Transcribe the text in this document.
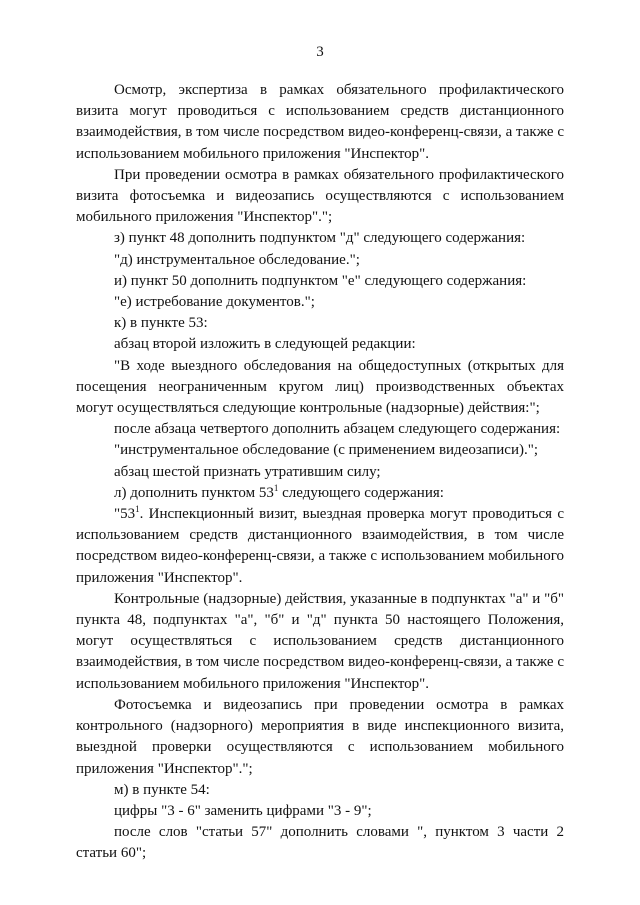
3

Осмотр, экспертиза в рамках обязательного профилактического визита могут проводиться с использованием средств дистанционного взаимодействия, в том числе посредством видео-конференц-связи, а также с использованием мобильного приложения "Инспектор".

При проведении осмотра в рамках обязательного профилактического визита фотосъемка и видеозапись осуществляются с использованием мобильного приложения "Инспектор".";

з) пункт 48 дополнить подпунктом "д" следующего содержания:

"д) инструментальное обследование.";

и) пункт 50 дополнить подпунктом "е" следующего содержания:

"е) истребование документов.";

к) в пункте 53:

абзац второй изложить в следующей редакции:

"В ходе выездного обследования на общедоступных (открытых для посещения неограниченным кругом лиц) производственных объектах могут осуществляться следующие контрольные (надзорные) действия:";

после абзаца четвертого дополнить абзацем следующего содержания:

"инструментальное обследование (с применением видеозаписи).";

абзац шестой признать утратившим силу;

л) дополнить пунктом $53^1$ следующего содержания:

"$53^1$. Инспекционный визит, выездная проверка могут проводиться с использованием средств дистанционного взаимодействия, в том числе посредством видео-конференц-связи, а также с использованием мобильного приложения "Инспектор".

Контрольные (надзорные) действия, указанные в подпунктах "а" и "б" пункта 48, подпунктах "а", "б" и "д" пункта 50 настоящего Положения, могут осуществляться с использованием средств дистанционного взаимодействия, в том числе посредством видео-конференц-связи, а также с использованием мобильного приложения "Инспектор".

Фотосъемка и видеозапись при проведении осмотра в рамках контрольного (надзорного) мероприятия в виде инспекционного визита, выездной проверки осуществляются с использованием мобильного приложения "Инспектор".";

м) в пункте 54:

цифры "3 - 6" заменить цифрами "3 - 9";

после слов "статьи 57" дополнить словами ", пунктом 3 части 2 статьи 60";
